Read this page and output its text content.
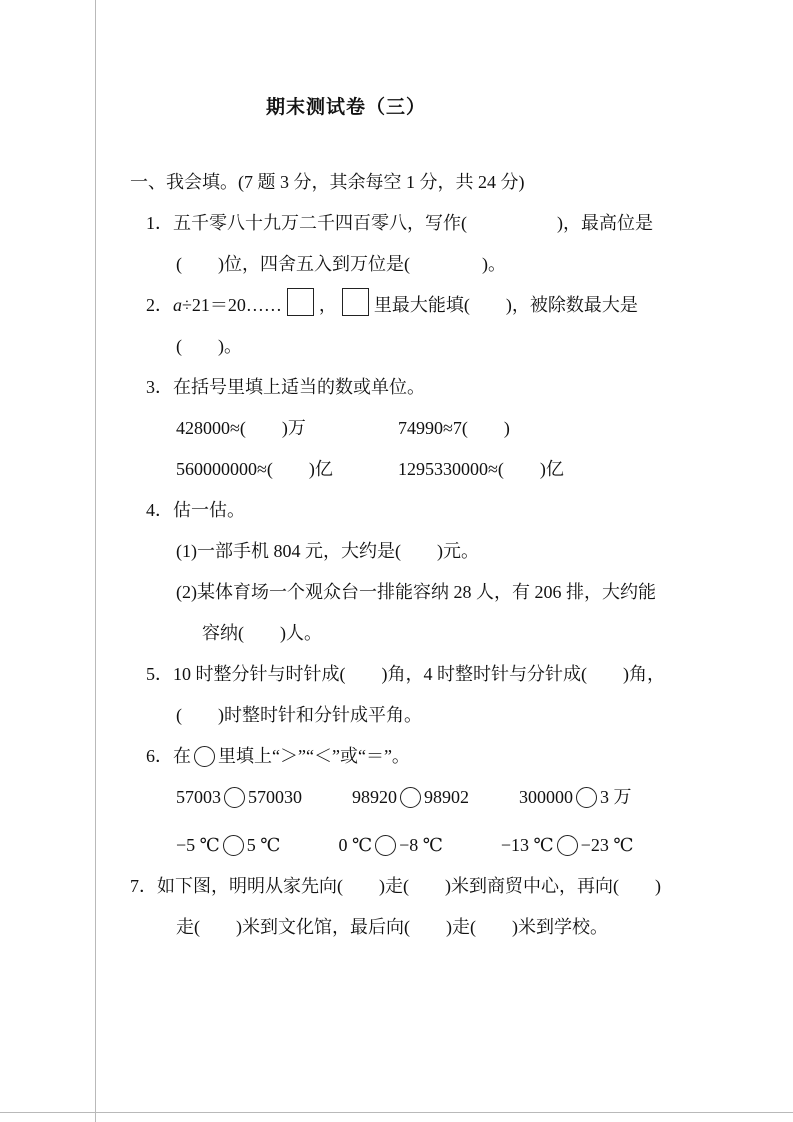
期末测试卷（三）

一、我会填。(7 题 3 分，其余每空 1 分，共 24 分)

1．五千零八十九万二千四百零八，写作(　　　　　)，最高位是

(　　)位，四舍五入到万位是(　　　　)。

2．a÷21＝20…… ， 里最大能填(　　)，被除数最大是

(　　)。

3．在括号里填上适当的数或单位。

428000≈(　　)万	74990≈7(　　)

560000000≈(　　)亿	1295330000≈(　　)亿

4．估一估。

(1)一部手机 804 元，大约是(　　)元。

(2)某体育场一个观众台一排能容纳 28 人，有 206 排，大约能

容纳(　　)人。

5．10 时整分针与时针成(　　)角，4 时整时针与分针成(　　)角，

(　　)时整时针和分针成平角。

6．在 里填上“＞”“＜”或“＝”。

57003 570030	98920 98902	300000 3 万

−5 ℃ 5 ℃	0 ℃ −8 ℃	−13 ℃ −23 ℃

7．如下图，明明从家先向(　　)走(　　)米到商贸中心，再向(　　)

走(　　)米到文化馆，最后向(　　)走(　　)米到学校。
